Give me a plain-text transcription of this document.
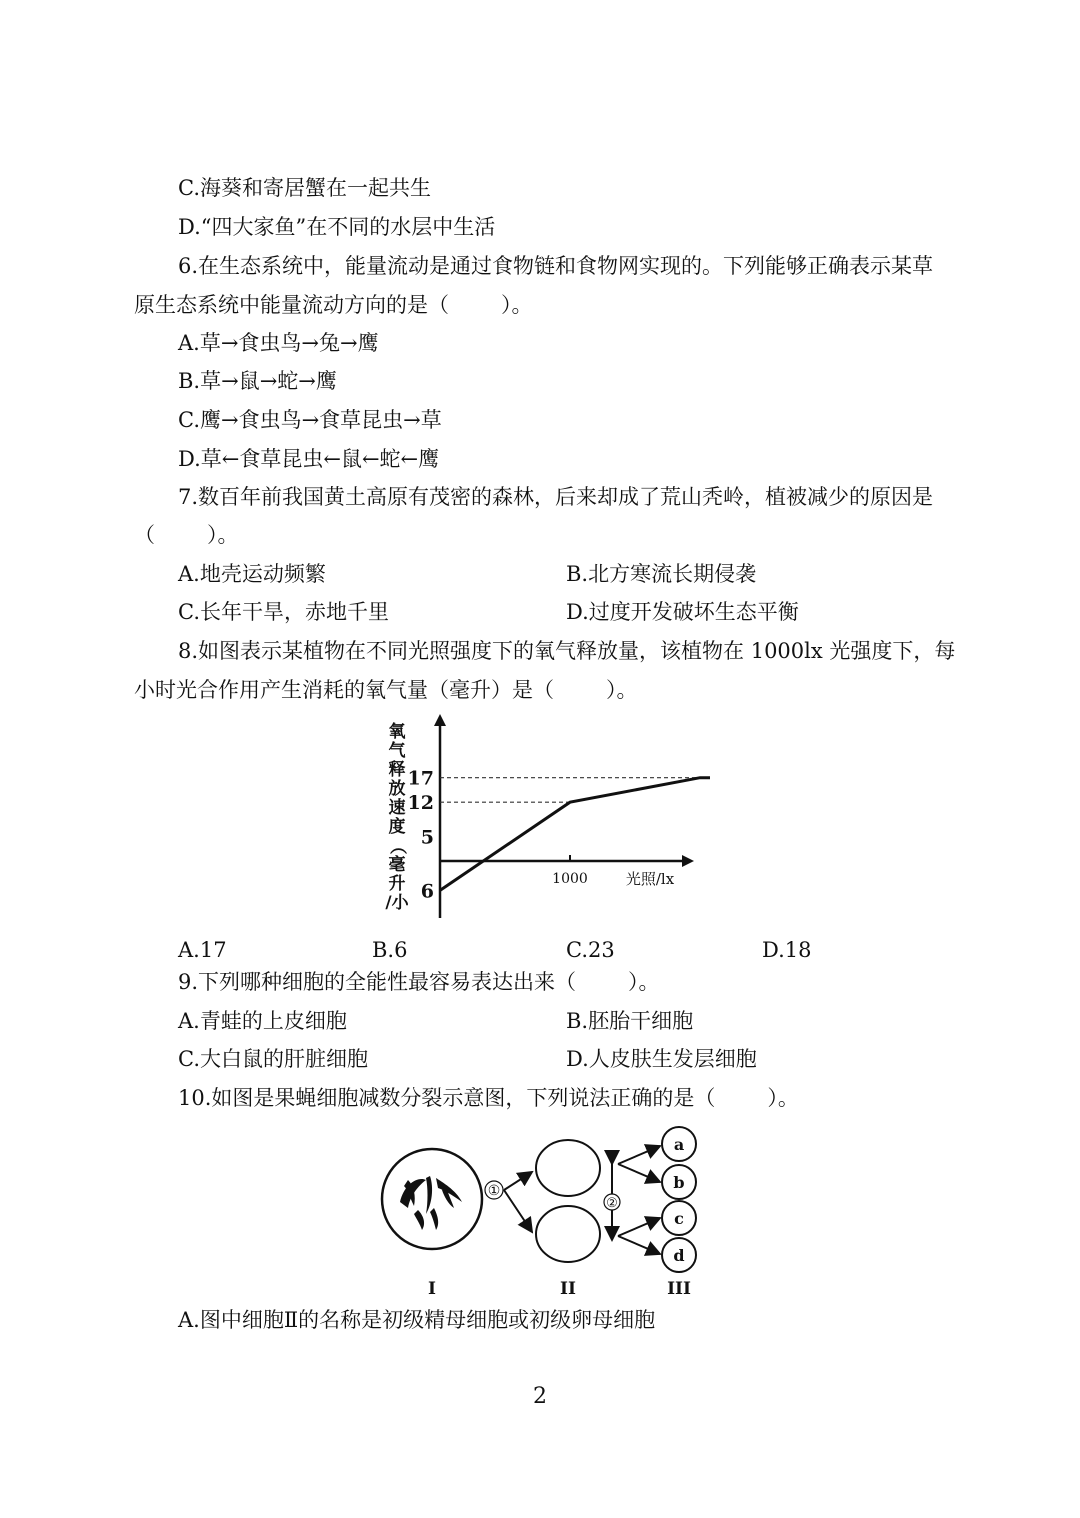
C.海葵和寄居蟹在一起共生
D.“四大家鱼”在不同的水层中生活
6.在生态系统中，能量流动是通过食物链和食物网实现的。下列能够正确表示某草
原生态系统中能量流动方向的是（ ）。
A.草→食虫鸟→兔→鹰
B.草→鼠→蛇→鹰
C.鹰→食虫鸟→食草昆虫→草
D.草←食草昆虫←鼠←蛇←鹰
7.数百年前我国黄土高原有茂密的森林，后来却成了荒山秃岭，植被减少的原因是
（ ）。
A.地壳运动频繁	B.北方寒流长期侵袭
C.长年干旱，赤地千里	D.过度开发破坏生态平衡
8.如图表示某植物在不同光照强度下的氧气释放量，该植物在 1000lx 光强度下，每
小时光合作用产生消耗的氧气量（毫升）是（ ）。
氧
气
释
放
速
度
（
毫
升
/小
1000
17
12
5
6
光照/lx
A.17	B.6	C.23	D.18
9.下列哪种细胞的全能性最容易表达出来（ ）。
A.青蛙的上皮细胞	B.胚胎干细胞
C.大白鼠的肝脏细胞	D.人皮肤生发层细胞
10.如图是果蝇细胞减数分裂示意图，下列说法正确的是（ ）。
①
②
a
b
c
d
I	II	III
A.图中细胞Ⅱ的名称是初级精母细胞或初级卵母细胞
2
